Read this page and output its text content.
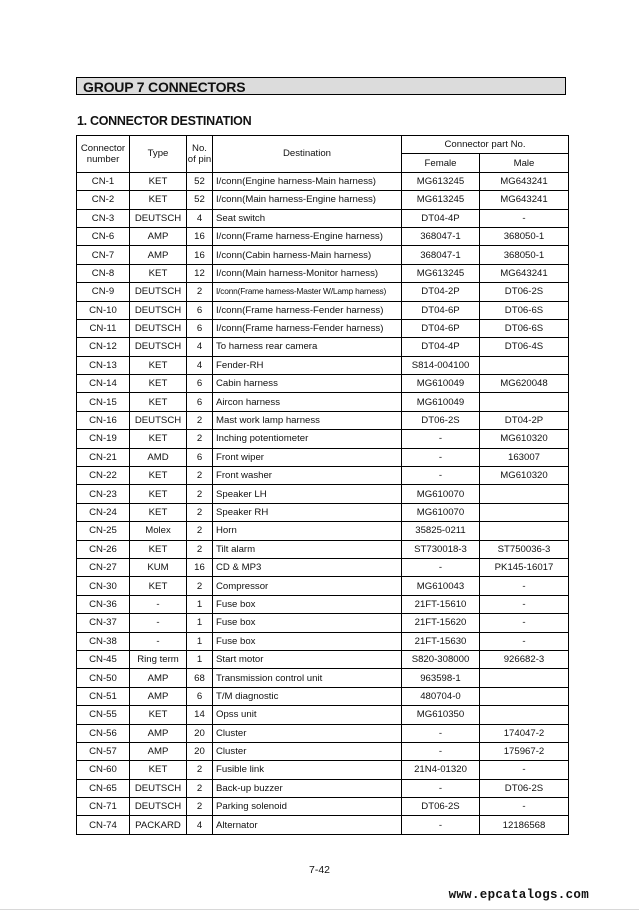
GROUP 7 CONNECTORS
1. CONNECTOR DESTINATION
Connector number	Type	No. of pin	Destination	Connector part No.	
				Female	Male
CN-1	KET	52	I/conn(Engine harness-Main harness)	MG613245	MG643241
CN-2	KET	52	I/conn(Main harness-Engine harness)	MG613245	MG643241
CN-3	DEUTSCH	4	Seat switch	DT04-4P	-
CN-6	AMP	16	I/conn(Frame harness-Engine harness)	368047-1	368050-1
CN-7	AMP	16	I/conn(Cabin harness-Main harness)	368047-1	368050-1
CN-8	KET	12	I/conn(Main harness-Monitor harness)	MG613245	MG643241
CN-9	DEUTSCH	2	I/conn(Frame harness-Master W/Lamp harness)	DT04-2P	DT06-2S
CN-10	DEUTSCH	6	I/conn(Frame harness-Fender harness)	DT04-6P	DT06-6S
CN-11	DEUTSCH	6	I/conn(Frame harness-Fender harness)	DT04-6P	DT06-6S
CN-12	DEUTSCH	4	To harness rear camera	DT04-4P	DT06-4S
CN-13	KET	4	Fender-RH	S814-004100	
CN-14	KET	6	Cabin harness	MG610049	MG620048
CN-15	KET	6	Aircon harness	MG610049	
CN-16	DEUTSCH	2	Mast work lamp harness	DT06-2S	DT04-2P
CN-19	KET	2	Inching potentiometer	-	MG610320
CN-21	AMD	6	Front wiper	-	163007
CN-22	KET	2	Front washer	-	MG610320
CN-23	KET	2	Speaker LH	MG610070	
CN-24	KET	2	Speaker RH	MG610070	
CN-25	Molex	2	Horn	35825-0211	
CN-26	KET	2	Tilt alarm	ST730018-3	ST750036-3
CN-27	KUM	16	CD & MP3	-	PK145-16017
CN-30	KET	2	Compressor	MG610043	-
CN-36	-	1	Fuse box	21FT-15610	-
CN-37	-	1	Fuse box	21FT-15620	-
CN-38	-	1	Fuse box	21FT-15630	-
CN-45	Ring term	1	Start motor	S820-308000	926682-3
CN-50	AMP	68	Transmission control unit	963598-1	
CN-51	AMP	6	T/M diagnostic	480704-0	
CN-55	KET	14	Opss unit	MG610350	
CN-56	AMP	20	Cluster	-	174047-2
CN-57	AMP	20	Cluster	-	175967-2
CN-60	KET	2	Fusible link	21N4-01320	-
CN-65	DEUTSCH	2	Back-up buzzer	-	DT06-2S
CN-71	DEUTSCH	2	Parking solenoid	DT06-2S	-
CN-74	PACKARD	4	Alternator	-	12186568
7-42
www.epcatalogs.com
